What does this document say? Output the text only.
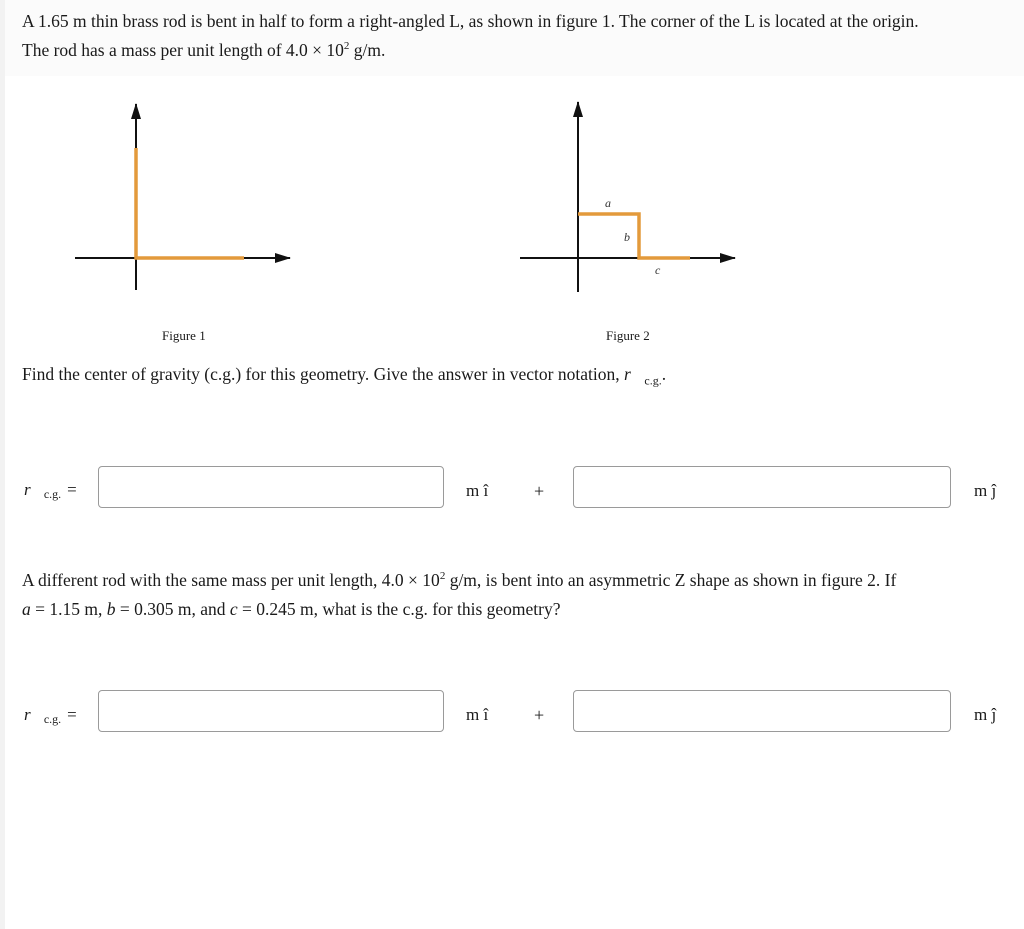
A 1.65 m thin brass rod is bent in half to form a right-angled L, as shown in figure 1. The corner of the L is located at the origin.

The rod has a mass per unit length of $4.0 \times 10^2$ g/m.

a
b
c
Figure 1	Figure 2

Find the center of gravity (c.g.) for this geometry. Give the answer in vector notation, $r⃗_{c.g.}$.

$r⃗_{c.g.}$ =	m î	+	m ĵ

A different rod with the same mass per unit length, $4.0 \times 10^2$ g/m, is bent into an asymmetric Z shape as shown in figure 2. If

a = 1.15 m, b = 0.305 m, and c = 0.245 m, what is the c.g. for this geometry?

$r⃗_{c.g.}$ =	m î	+	m ĵ
